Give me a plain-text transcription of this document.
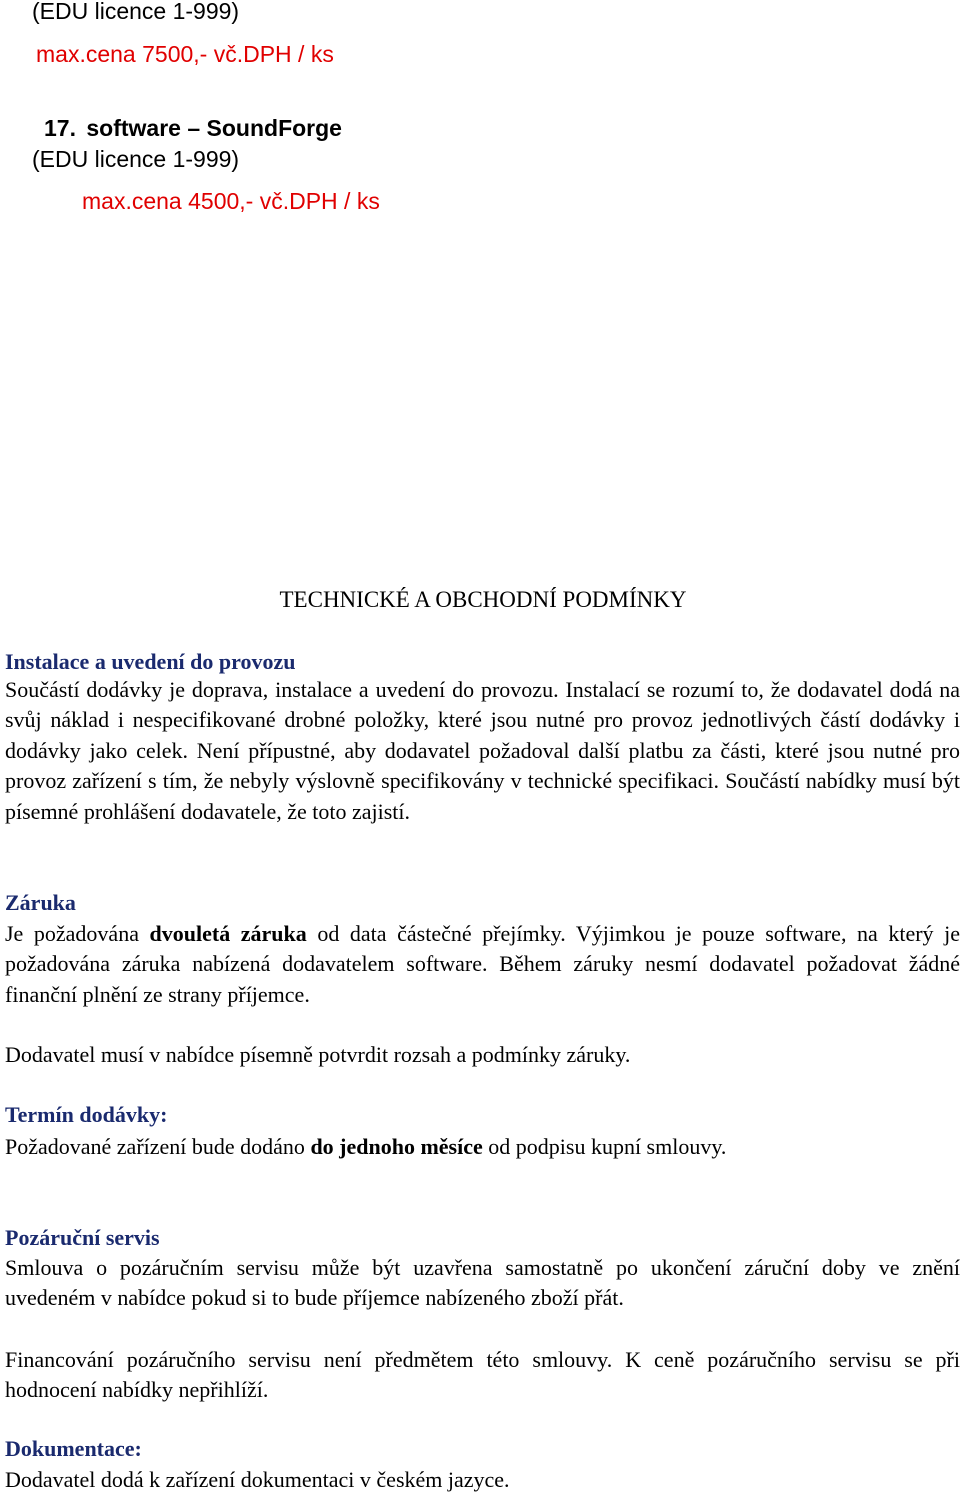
(EDU licence 1-999)
max.cena 7500,- vč.DPH / ks
17. software – SoundForge
(EDU licence 1-999)
max.cena 4500,- vč.DPH / ks
TECHNICKÉ A OBCHODNÍ PODMÍNKY
Instalace a uvedení do provozu
Součástí dodávky je doprava, instalace a uvedení do provozu. Instalací se rozumí to, že dodavatel dodá na svůj náklad i nespecifikované drobné položky, které jsou nutné pro provoz jednotlivých částí dodávky i dodávky jako celek. Není přípustné, aby dodavatel požadoval další platbu za části, které jsou nutné pro provoz zařízení s tím, že nebyly výslovně specifikovány v technické specifikaci. Součástí nabídky musí být písemné prohlášení dodavatele, že toto zajistí.
Záruka
Je požadována dvouletá záruka od data částečné přejímky. Výjimkou je pouze software, na který je požadována záruka nabízená dodavatelem software. Během záruky nesmí dodavatel požadovat žádné finanční plnění ze strany příjemce.
Dodavatel musí v nabídce písemně potvrdit rozsah a podmínky záruky.
Termín dodávky:
Požadované zařízení bude dodáno do jednoho měsíce od podpisu kupní smlouvy.
Pozáruční servis
Smlouva o pozáručním servisu může být uzavřena samostatně po ukončení záruční doby ve znění uvedeném v nabídce pokud si to bude příjemce nabízeného zboží přát.
Financování pozáručního servisu není předmětem této smlouvy. K ceně pozáručního servisu se při hodnocení nabídky nepřihlíží.
Dokumentace:
Dodavatel dodá k zařízení dokumentaci v českém jazyce.
